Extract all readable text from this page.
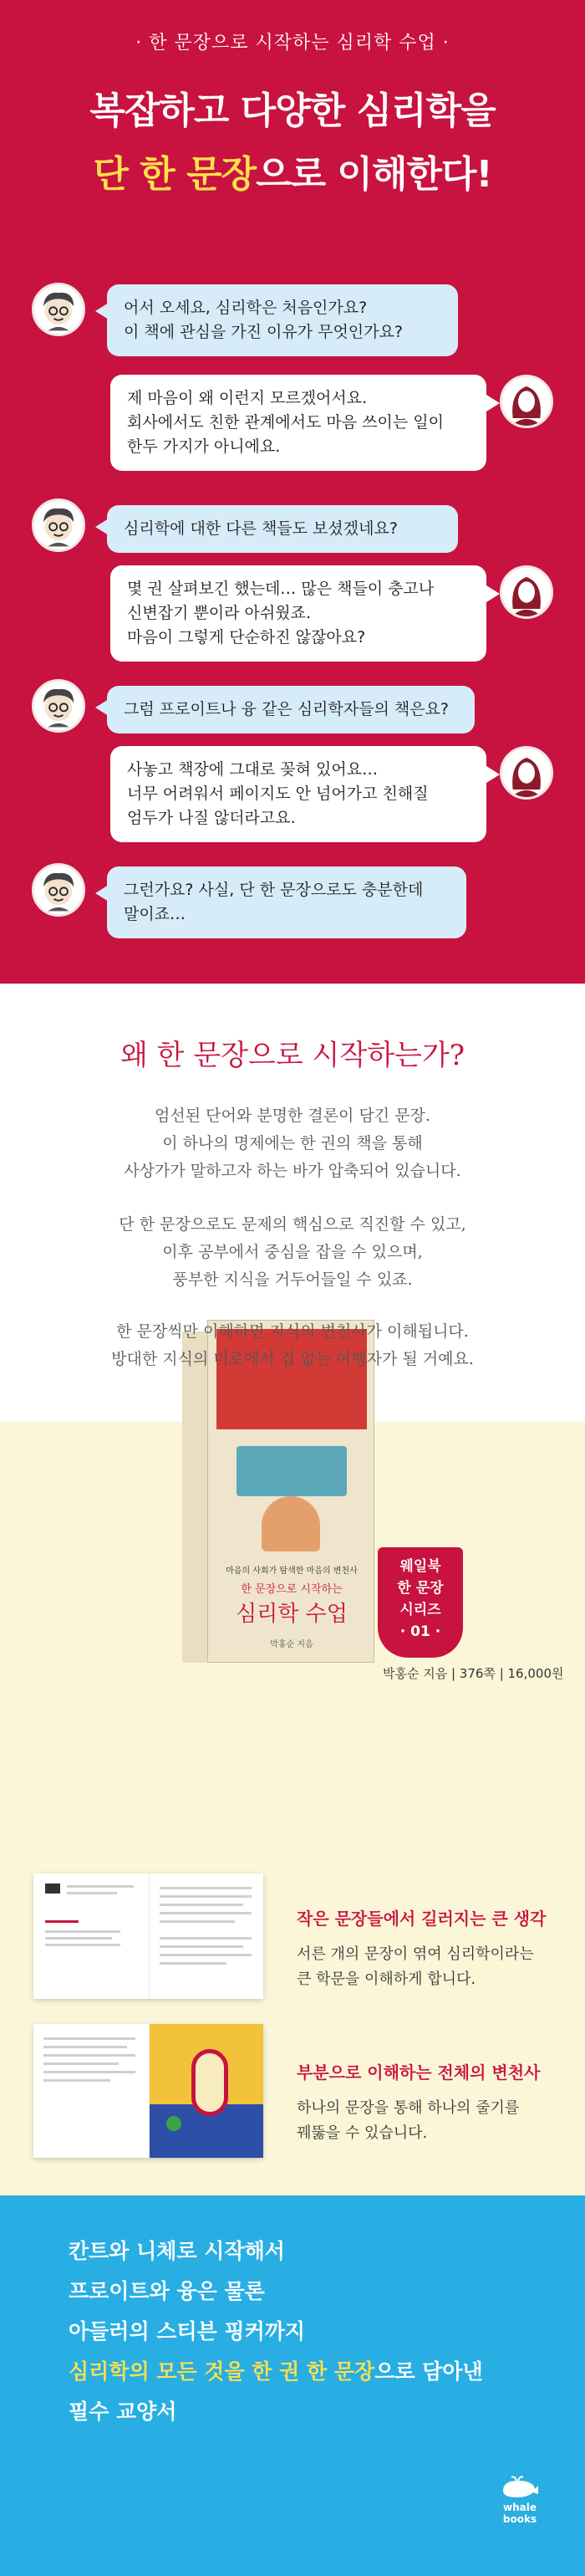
· 한 문장으로 시작하는 심리학 수업 ·
복잡하고 다양한 심리학을
단 한 문장으로 이해한다!
어서 오세요, 심리학은 처음인가요?
이 책에 관심을 가진 이유가 무엇인가요?
제 마음이 왜 이런지 모르겠어서요.
회사에서도 친한 관계에서도 마음 쓰이는 일이
한두 가지가 아니에요.
심리학에 대한 다른 책들도 보셨겠네요?
몇 권 살펴보긴 했는데… 많은 책들이 충고나
신변잡기 뿐이라 아쉬웠죠.
마음이 그렇게 단순하진 않잖아요?
그럼 프로이트나 융 같은 심리학자들의 책은요?
사놓고 책장에 그대로 꽂혀 있어요…
너무 어려워서 페이지도 안 넘어가고 친해질
엄두가 나질 않더라고요.
그런가요? 사실, 단 한 문장으로도 충분한데
말이죠…
왜 한 문장으로 시작하는가?
엄선된 단어와 분명한 결론이 담긴 문장.
이 하나의 명제에는 한 권의 책을 통해
사상가가 말하고자 하는 바가 압축되어 있습니다.
단 한 문장으로도 문제의 핵심으로 직진할 수 있고,
이후 공부에서 중심을 잡을 수 있으며,
풍부한 지식을 거두어들일 수 있죠.
마음의 사회가 탐색한 마음의 변천사
한 문장으로 시작하는
심리학 수업
박홍순 지음
웨일북
한 문장
시리즈
· 01 ·
박홍순 지음 | 376쪽 | 16,000원
작은 문장들에서 길러지는 큰 생각
서른 개의 문장이 엮여 심리학이라는
큰 학문을 이해하게 합니다.
부분으로 이해하는 전체의 변천사
하나의 문장을 통해 하나의 줄기를
꿰뚫을 수 있습니다.
칸트와 니체로 시작해서
프로이트와 융은 물론
아들러의 스티븐 핑커까지
심리학의 모든 것을 한 권 한 문장으로 담아낸
필수 교양서
whale
books
한 문장씩만 이해하면 지식의 변천사가 이해됩니다.
방대한 지식의 미로에서 겁 없는 여행자가 될 거예요.
